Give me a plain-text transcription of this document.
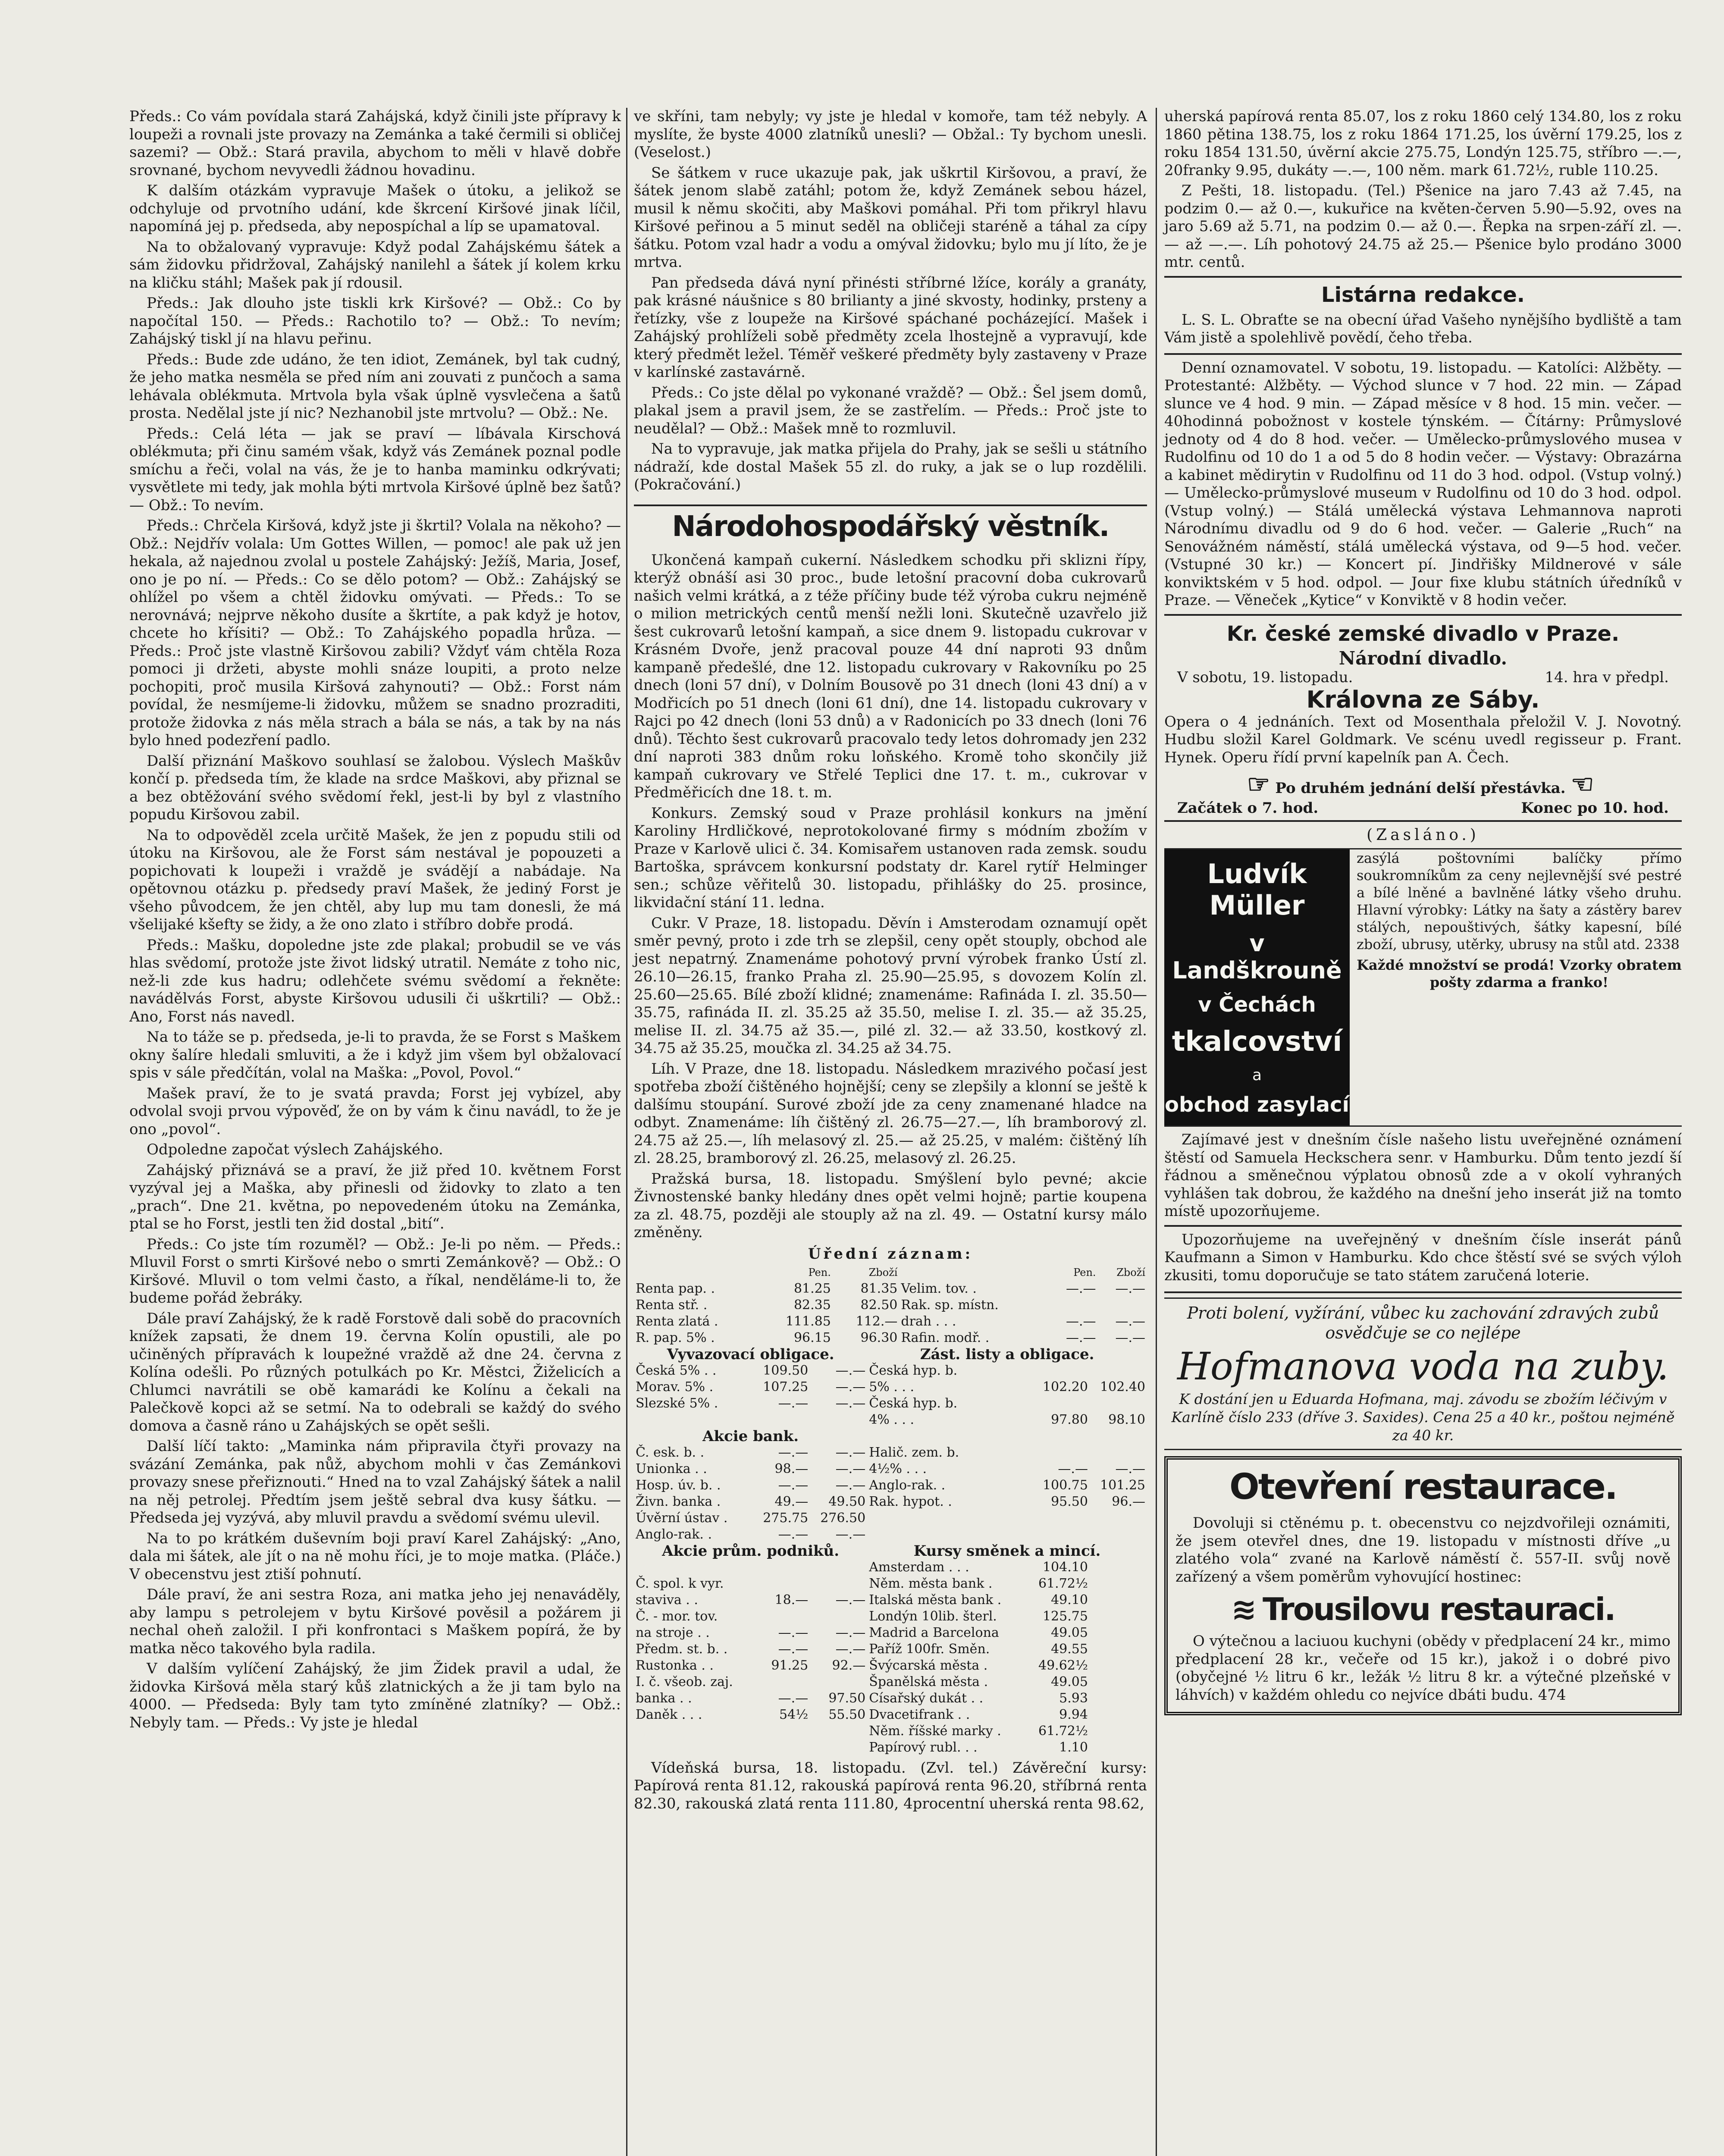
Předs.: Co vám povídala stará Zahájská, když činili jste přípravy k loupeži a rovnali jste provazy na Zemánka a také čermili si obličej sazemi? — Obž.: Stará pravila, abychom to měli v hlavě dobře srovnané, bychom nevyvedli žádnou hovadinu.

K dalším otázkám vypravuje Mašek o útoku, a jelikož se odchyluje od prvotního udání, kde škrcení Kiršové jinak líčil, napomíná jej p. předseda, aby nepospíchal a líp se upamatoval.

Na to obžalovaný vypravuje: Když podal Zahájskému šátek a sám židovku přidržoval, Zahájský nanilehl a šátek jí kolem krku na kličku stáhl; Mašek pak jí rdousil.

Předs.: Jak dlouho jste tiskli krk Kiršové? — Obž.: Co by napočítal 150. — Předs.: Rachotilo to? — Obž.: To nevím; Zahájský tiskl jí na hlavu peřinu.

Předs.: Bude zde udáno, že ten idiot, Zemánek, byl tak cudný, že jeho matka nesměla se před ním ani zouvati z punčoch a sama lehávala oblékmuta. Mrtvola byla však úplně vysvlečena a šatů prosta. Nedělal jste jí nic? Nezhanobil jste mrtvolu? — Obž.: Ne.

Předs.: Celá léta — jak se praví — líbávala Kirschová oblékmuta; při činu samém však, když vás Zemánek poznal podle smíchu a řeči, volal na vás, že je to hanba maminku odkrývati; vysvětlete mi tedy, jak mohla býti mrtvola Kiršové úplně bez šatů? — Obž.: To nevím.

Předs.: Chrčela Kiršová, když jste ji škrtil? Volala na někoho? — Obž.: Nejdřív volala: Um Gottes Willen, — pomoc! ale pak už jen hekala, až najednou zvolal u postele Zahájský: Ježíš, Maria, Josef, ono je po ní. — Předs.: Co se dělo potom? — Obž.: Zahájský se ohlížel po všem a chtěl židovku omývati. — Předs.: To se nerovnává; nejprve někoho dusíte a škrtíte, a pak když je hotov, chcete ho křísiti? — Obž.: To Zahájského popadla hrůza. — Předs.: Proč jste vlastně Kiršovou zabili? Vždyť vám chtěla Roza pomoci ji držeti, abyste mohli snáze loupiti, a proto nelze pochopiti, proč musila Kiršová zahynouti? — Obž.: Forst nám povídal, že nesmíjeme-li židovku, můžem se snadno prozraditi, protože židovka z nás měla strach a bála se nás, a tak by na nás bylo hned podezření padlo.

Další přiznání Maškovo souhlasí se žalobou. Výslech Maškův končí p. předseda tím, že klade na srdce Maškovi, aby přiznal se a bez obtěžování svého svědomí řekl, jest-li by byl z vlastního popudu Kiršovou zabil.

Na to odpověděl zcela určitě Mašek, že jen z popudu stili od útoku na Kiršovou, ale že Forst sám nestával je popouzeti a popichovati k loupeži i vraždě je svádějí a nabádaje. Na opětovnou otázku p. předsedy praví Mašek, že jediný Forst je všeho původcem, že jen chtěl, aby lup mu tam donesli, že má všelijaké kšefty se židy, a že ono zlato i stříbro dobře prodá.

Předs.: Mašku, dopoledne jste zde plakal; probudil se ve vás hlas svědomí, protože jste život lidský utratil. Nemáte z toho nic, než-li zde kus hadru; odlehčete svému svědomí a řekněte: navádělvás Forst, abyste Kiršovou udusili či uškrtili? — Obž.: Ano, Forst nás navedl.

Na to táže se p. předseda, je-li to pravda, že se Forst s Maškem okny šalíre hledali smluviti, a že i když jim všem byl obžalovací spis v sále předčítán, volal na Maška: „Povol, Povol.“

Mašek praví, že to je svatá pravda; Forst jej vybízel, aby odvolal svoji prvou výpověď, že on by vám k činu navádl, to že je ono „povol“.

Odpoledne započat výslech Zahájského.

Zahájský přiznává se a praví, že již před 10. květnem Forst vyzýval jej a Maška, aby přinesli od židovky to zlato a ten „prach“. Dne 21. května, po nepovedeném útoku na Zemánka, ptal se ho Forst, jestli ten žid dostal „bití“.

Předs.: Co jste tím rozuměl? — Obž.: Je-li po něm. — Předs.: Mluvil Forst o smrti Kiršové nebo o smrti Zemánkově? — Obž.: O Kiršové. Mluvil o tom velmi často, a říkal, nenděláme-li to, že budeme pořád žebráky.

Dále praví Zahájský, že k radě Forstově dali sobě do pracovních knížek zapsati, že dnem 19. června Kolín opustili, ale po učiněných přípravách k loupežné vraždě až dne 24. června z Kolína odešli. Po různých potulkách po Kr. Městci, Žiželicích a Chlumci navrátili se obě kamarádi ke Kolínu a čekali na Palečkově kopci až se setmí. Na to odebrali se každý do svého domova a časně ráno u Zahájských se opět sešli.

Další líčí takto: „Maminka nám připravila čtyři provazy na svázání Zemánka, pak nůž, abychom mohli v čas Zemánkovi provazy snese přeřiznouti.“ Hned na to vzal Zahájský šátek a nalil na něj petrolej. Předtím jsem ještě sebral dva kusy šátku. — Předseda jej vyzývá, aby mluvil pravdu a svědomí svému ulevil.

Na to po krátkém duševním boji praví Karel Zahájský: „Ano, dala mi šátek, ale jít o na ně mohu říci, je to moje matka. (Pláče.) V obecenstvu jest ztiší pohnutí.

Dále praví, že ani sestra Roza, ani matka jeho jej nenaváděly, aby lampu s petrolejem v bytu Kiršové pověsil a požárem ji nechal oheň založil. I při konfrontaci s Maškem popírá, že by matka něco takového byla radila.

V dalším vylíčení Zahájský, že jim Židek pravil a udal, že židovka Kiršová měla starý kůš zlatnických a že ji tam bylo na 4000. — Předseda: Byly tam tyto zmíněné zlatníky? — Obž.: Nebyly tam. — Předs.: Vy jste je hledal

ve skříni, tam nebyly; vy jste je hledal v komoře, tam též nebyly. A myslíte, že byste 4000 zlatníků unesli? — Obžal.: Ty bychom unesli. (Veselost.)

Se šátkem v ruce ukazuje pak, jak uškrtil Kiršovou, a praví, že šátek jenom slabě zatáhl; potom že, když Zemánek sebou házel, musil k němu skočiti, aby Maškovi pomáhal. Při tom přikryl hlavu Kiršové peřinou a 5 minut seděl na obličeji staréně a táhal za cípy šátku. Potom vzal hadr a vodu a omýval židovku; bylo mu jí líto, že je mrtva.

Pan předseda dává nyní přinésti stříbrné lžíce, korály a granáty, pak krásné náušnice s 80 brilianty a jiné skvosty, hodinky, prsteny a řetízky, vše z loupeže na Kiršové spáchané pocházející. Mašek i Zahájský prohlíželi sobě předměty zcela lhostejně a vypravují, kde který předmět ležel. Téměř veškeré předměty byly zastaveny v Praze v karlínské zastavárně.

Předs.: Co jste dělal po vykonané vraždě? — Obž.: Šel jsem domů, plakal jsem a pravil jsem, že se zastřelím. — Předs.: Proč jste to neudělal? — Obž.: Mašek mně to rozmluvil.

Na to vypravuje, jak matka přijela do Prahy, jak se sešli u státního nádraží, kde dostal Mašek 55 zl. do ruky, a jak se o lup rozdělili. (Pokračování.)

Národohospodářský věstník.

Ukončená kampaň cukerní. Následkem schodku při sklizni řípy, kterýž obnáší asi 30 proc., bude letošní pracovní doba cukrovarů našich velmi krátká, a z téže příčiny bude též výroba cukru nejméně o milion metrických centů menší nežli loni. Skutečně uzavřelo již šest cukrovarů letošní kampaň, a sice dnem 9. listopadu cukrovar v Krásném Dvoře, jenž pracoval pouze 44 dní naproti 93 dnům kampaně předešlé, dne 12. listopadu cukrovary v Rakovníku po 25 dnech (loni 57 dní), v Dolním Bousově po 31 dnech (loni 43 dní) a v Modřicích po 51 dnech (loni 61 dní), dne 14. listopadu cukrovary v Rajci po 42 dnech (loni 53 dnů) a v Radonicích po 33 dnech (loni 76 dnů). Těchto šest cukrovarů pracovalo tedy letos dohromady jen 232 dní naproti 383 dnům roku loňského. Kromě toho skončily již kampaň cukrovary ve Střelé Teplici dne 17. t. m., cukrovar v Předměřicích dne 18. t. m.

Konkurs. Zemský soud v Praze prohlásil konkurs na jmění Karoliny Hrdličkové, neprotokolované firmy s módním zbožím v Praze v Karlově ulici č. 34. Komisařem ustanoven rada zemsk. soudu Bartoška, správcem konkursní podstaty dr. Karel rytíř Helminger sen.; schůze věřitelů 30. listopadu, přihlášky do 25. prosince, likvidační stání 11. ledna.

Cukr. V Praze, 18. listopadu. Děvín i Amsterodam oznamují opět směr pevný, proto i zde trh se zlepšil, ceny opět stouply, obchod ale jest nepatrný. Znamenáme pohotový první výrobek franko Ústí zl. 26.10—26.15, franko Praha zl. 25.90—25.95, s dovozem Kolín zl. 25.60—25.65. Bílé zboží klidné; znamenáme: Rafináda I. zl. 35.50—35.75, rafináda II. zl. 35.25 až 35.50, melise I. zl. 35.— až 35.25, melise II. zl. 34.75 až 35.—, pilé zl. 32.— až 33.50, kostkový zl. 34.75 až 35.25, moučka zl. 34.25 až 34.75.

Líh. V Praze, dne 18. listopadu. Následkem mrazivého počasí jest spotřeba zboží čištěného hojnější; ceny se zlepšily a klonní se ještě k dalšímu stoupání. Surové zboží jde za ceny znamenané hladce na odbyt. Znamenáme: líh čištěný zl. 26.75—27.—, líh bramborový zl. 24.75 až 25.—, líh melasový zl. 25.— až 25.25, v malém: čištěný líh zl. 28.25, bramborový zl. 26.25, melasový zl. 26.25.

Pražská bursa, 18. listopadu. Smýšlení bylo pevné; akcie Živnostenské banky hledány dnes opět velmi hojně; partie koupena za zl. 48.75, později ale stouply až na zl. 49. — Ostatní kursy málo změněny.

Úřední záznam:
	Pen.	Zboží		Pen.	Zboží
Renta pap. .	81.25	81.35	Velim. tov. .	—.—	—.—
Renta stř. .	82.35	82.50	Rak. sp. místn.		
Renta zlatá .	111.85	112.—	drah . . .	—.—	—.—
R. pap. 5% .	96.15	96.30	Rafin. modř. .	—.—	—.—
Vyvazovací obligace.			Zást. listy a obligace.		
Česká 5% . .	109.50	—.—	Česká hyp. b.		
Morav. 5% .	107.25	—.—	5% . . .	102.20	102.40
Slezské 5% .	—.—	—.—	Česká hyp. b.		
			4% . . .	97.80	98.10
Akcie bank.					
Č. esk. b. .	—.—	—.—	Halič. zem. b.		
Unionka . .	98.—	—.—	4½% . . .	—.—	—.—
Hosp. úv. b. .	—.—	—.—	Anglo-rak. .	100.75	101.25
Živn. banka .	49.—	49.50	Rak. hypot. .	95.50	96.—
Úvěrní ústav .	275.75	276.50			
Anglo-rak. .	—.—	—.—			
Akcie prům. podniků.			Kursy směnek a mincí.		
			Amsterdam . . .	104.10	
Č. spol. k vyr.			Něm. města bank .	61.72½	
staviva . .	18.—	—.—	Italská města bank .	49.10	
Č. - mor. tov.			Londýn 10lib. šterl.	125.75	
na stroje . .	—.—	—.—	Madrid a Barcelona	49.05	
Předm. st. b. .	—.—	—.—	Paříž 100fr. Směn.	49.55	
Rustonka . .	91.25	92.—	Švýcarská města .	49.62½	
I. č. všeob. zaj.			Španělská města .	49.05	
banka . .	—.—	97.50	Císařský dukát . .	5.93	
Daněk . . .	54½	55.50	Dvacetifrank . .	9.94	
			Něm. říšské marky .	61.72½	
			Papírový rubl. . .	1.10	

Vídeňská bursa, 18. listopadu. (Zvl. tel.) Závěreční kursy: Papírová renta 81.12, rakouská papírová renta 96.20, stříbrná renta 82.30, rakouská zlatá renta 111.80, 4procentní uherská renta 98.62,

uherská papírová renta 85.07, los z roku 1860 celý 134.80, los z roku 1860 pětina 138.75, los z roku 1864 171.25, los úvěrní 179.25, los z roku 1854 131.50, úvěrní akcie 275.75, Londýn 125.75, stříbro —.—, 20franky 9.95, dukáty —.—, 100 něm. mark 61.72½, ruble 110.25.

Z Pešti, 18. listopadu. (Tel.) Pšenice na jaro 7.43 až 7.45, na podzim 0.— až 0.—, kukuřice na květen-červen 5.90—5.92, oves na jaro 5.69 až 5.71, na podzim 0.— až 0.—. Řepka na srpen-září zl. —.— až —.—. Líh pohotový 24.75 až 25.— Pšenice bylo prodáno 3000 mtr. centů.

Listárna redakce.

L. S. L. Obraťte se na obecní úřad Vašeho nynějšího bydliště a tam Vám jistě a spolehlivě povědí, čeho třeba.

Denní oznamovatel. V sobotu, 19. listopadu. — Katolíci: Alžběty. — Protestanté: Alžběty. — Východ slunce v 7 hod. 22 min. — Západ slunce ve 4 hod. 9 min. — Západ měsíce v 8 hod. 15 min. večer. — 40hodinná pobožnost v kostele týnském. — Čítárny: Průmyslové jednoty od 4 do 8 hod. večer. — Umělecko-průmyslového musea v Rudolfinu od 10 do 1 a od 5 do 8 hodin večer. — Výstavy: Obrazárna a kabinet mědirytin v Rudolfinu od 11 do 3 hod. odpol. (Vstup volný.) — Umělecko-průmyslové museum v Rudolfinu od 10 do 3 hod. odpol. (Vstup volný.) — Stálá umělecká výstava Lehmannova naproti Národnímu divadlu od 9 do 6 hod. večer. — Galerie „Ruch“ na Senovážném náměstí, stálá umělecká výstava, od 9—5 hod. večer. (Vstupné 30 kr.) — Koncert pí. Jindřišky Mildnerové v sále konviktském v 5 hod. odpol. — Jour fixe klubu státních úředníků v Praze. — Věneček „Kytice“ v Konviktě v 8 hodin večer.

Kr. české zemské divadlo v Praze.
Národní divadlo.
V sobotu, 19. listopadu.	14. hra v předpl.
Královna ze Sáby.

Opera o 4 jednáních. Text od Mosenthala přeložil V. J. Novotný. Hudbu složil Karel Goldmark. Ve scénu uvedl regisseur p. Frant. Hynek. Operu řídí první kapelník pan A. Čech.

☞ Po druhém jednání delší přestávka. ☜
Začátek o 7. hod.	Konec po 10. hod.
(Zasláno.)
Ludvík Müller
v Landškrouně
v Čechách
tkalcovství
a
obchod zasylací
zasýlá poštovními balíčky přímo soukromníkům za ceny nejlevnější své pestré a bílé lněné a bavlněné látky všeho druhu. Hlavní výrobky: Látky na šaty a zástěry barev stálých, nepouštivých, šátky kapesní, bílé zboží, ubrusy, utěrky, ubrusy na stůl atd. 2338
Každé množství se prodá! Vzorky obratem pošty zdarma a franko!

Zajímavé jest v dnešním čísle našeho listu uveřejněné oznámení štěstí od Samuela Heckschera senr. v Hamburku. Dům tento jezdí ší řádnou a směnečnou výplatou obnosů zde a v okolí vyhraných vyhlášen tak dobrou, že každého na dnešní jeho inserát již na tomto místě upozorňujeme.

Upozorňujeme na uveřejněný v dnešním čísle inserát pánů Kaufmann a Simon v Hamburku. Kdo chce štěstí své se svých výloh zkusiti, tomu doporučuje se tato státem zaručená loterie.

Proti bolení, vyžírání, vůbec ku zachování zdravých zubů osvědčuje se co nejlépe
Hofmanova voda na zuby.
K dostání jen u Eduarda Hofmana, maj. závodu se zbožím léčivým v Karlíně číslo 233 (dříve 3. Saxides). Cena 25 a 40 kr., poštou nejméně za 40 kr.
Otevření restaurace.

Dovoluji si ctěnému p. t. obecenstvu co nejzdvořileji oznámiti, že jsem otevřel dnes, dne 19. listopadu v místnosti dříve „u zlatého vola“ zvané na Karlově náměstí č. 557-II. svůj nově zařízený a všem poměrům vyhovující hostinec:

≋ Trousilovu restauraci.

O výtečnou a laciuou kuchyni (obědy v předplacení 24 kr., mimo předplacení 28 kr., večeře od 15 kr.), jakož i o dobré pivo (obyčejné ½ litru 6 kr., ležák ½ litru 8 kr. a výtečné plzeňské v láhvích) v každém ohledu co nejvíce dbáti budu. 474
